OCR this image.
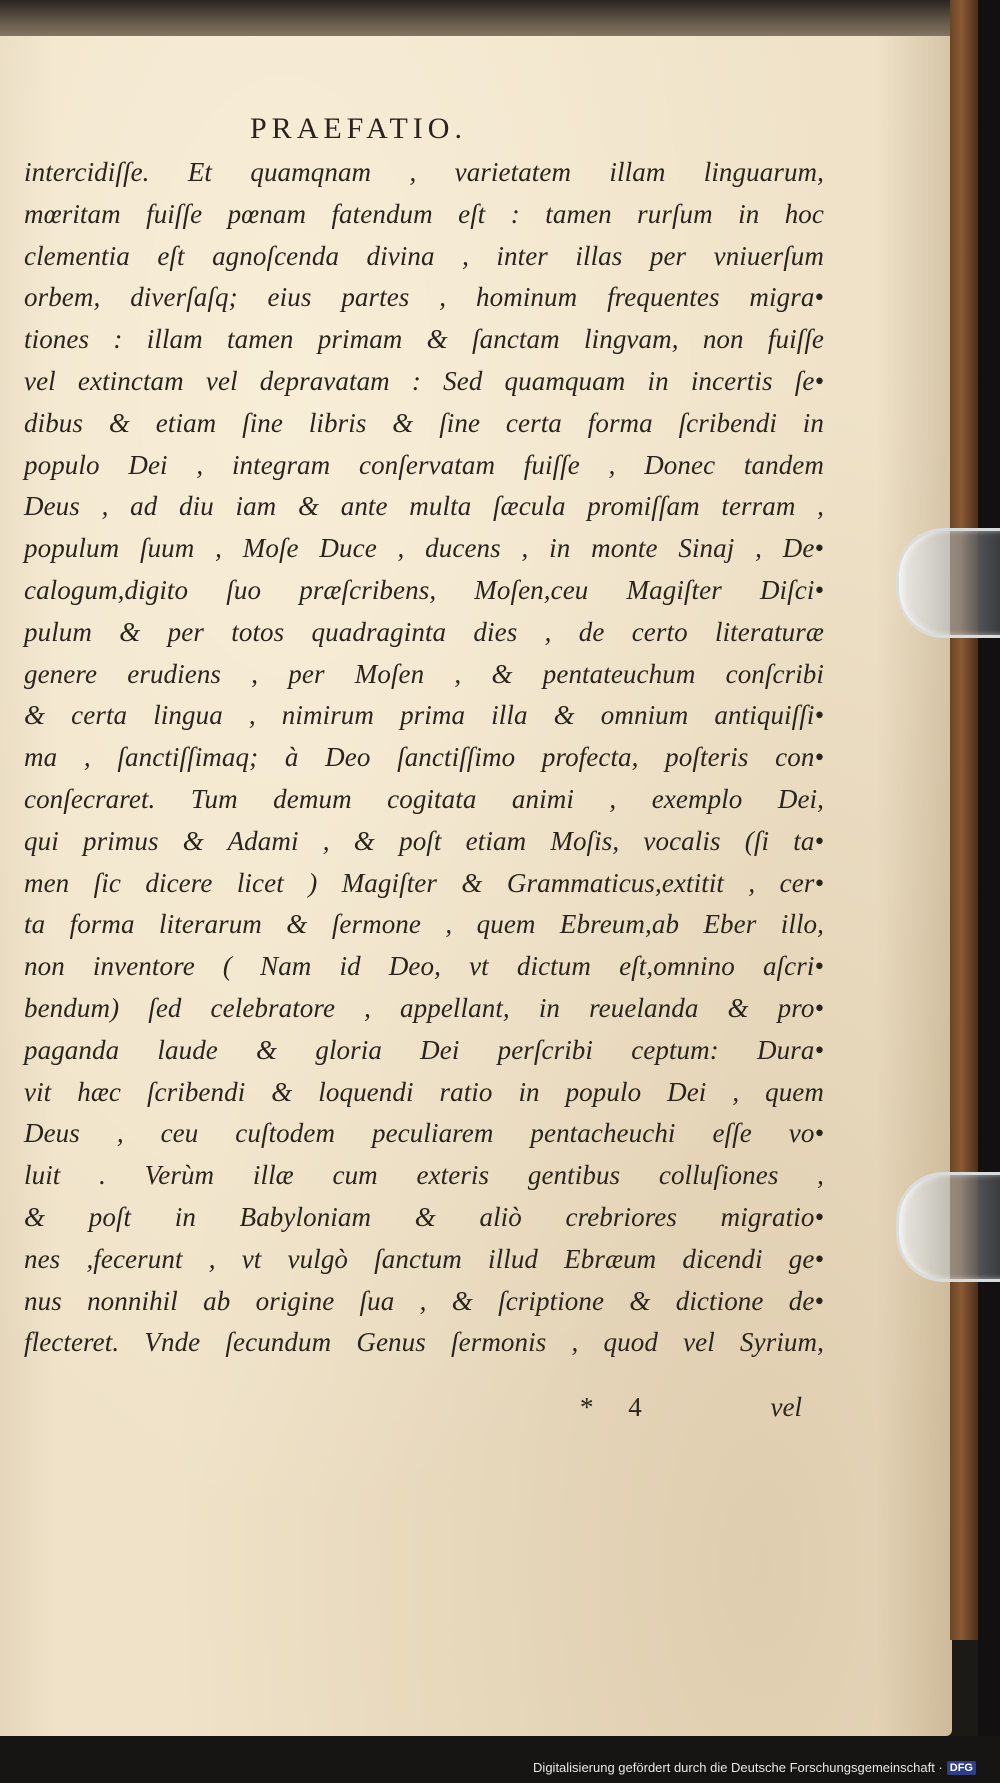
PRAEFATIO.
intercidiſſe. Et quamqnam , varietatem illam linguarum,
mœritam fuiſſe pœnam fatendum eſt : tamen rurſum in hoc
clementia eſt agnoſcenda divina , inter illas per vniuerſum
orbem, diverſaſq; eius partes , hominum frequentes migra•
tiones : illam tamen primam & ſanctam lingvam, non fuiſſe
vel extinctam vel depravatam : Sed quamquam in incertis ſe•
dibus & etiam ſine libris & ſine certa forma ſcribendi in
populo Dei , integram conſervatam fuiſſe , Donec tandem
Deus , ad diu iam & ante multa ſæcula promiſſam terram ,
populum ſuum , Moſe Duce , ducens , in monte Sinaj , De•
calogum,digito ſuo præſcribens, Moſen,ceu Magiſter Diſci•
pulum & per totos quadraginta dies , de certo literaturæ
genere erudiens , per Moſen , & pentateuchum conſcribi
& certa lingua , nimirum prima illa & omnium antiquiſſi•
ma , ſanctiſſimaq; à Deo ſanctiſſimo profecta, poſteris con•
conſecraret. Tum demum cogitata animi , exemplo Dei,
qui primus & Adami , & poſt etiam Moſis, vocalis (ſi ta•
men ſic dicere licet ) Magiſter & Grammaticus,extitit , cer•
ta forma literarum & ſermone , quem Ebreum,ab Eber illo,
non inventore ( Nam id Deo, vt dictum eſt,omnino aſcri•
bendum) ſed celebratore , appellant, in reuelanda & pro•
paganda laude & gloria Dei perſcribi ceptum: Dura•
vit hæc ſcribendi & loquendi ratio in populo Dei , quem
Deus , ceu cuſtodem peculiarem pentacheuchi eſſe vo•
luit . Verùm illæ cum exteris gentibus colluſiones ,
& poſt in Babyloniam & aliò crebriores migratio•
nes ,fecerunt , vt vulgò ſanctum illud Ebræum dicendi ge•
nus nonnihil ab origine ſua , & ſcriptione & dictione de•
flecteret. Vnde ſecundum Genus ſermonis , quod vel Syrium,
* 4	vel
Digitalisierung gefördert durch die Deutsche Forschungsgemeinschaft · DFG
